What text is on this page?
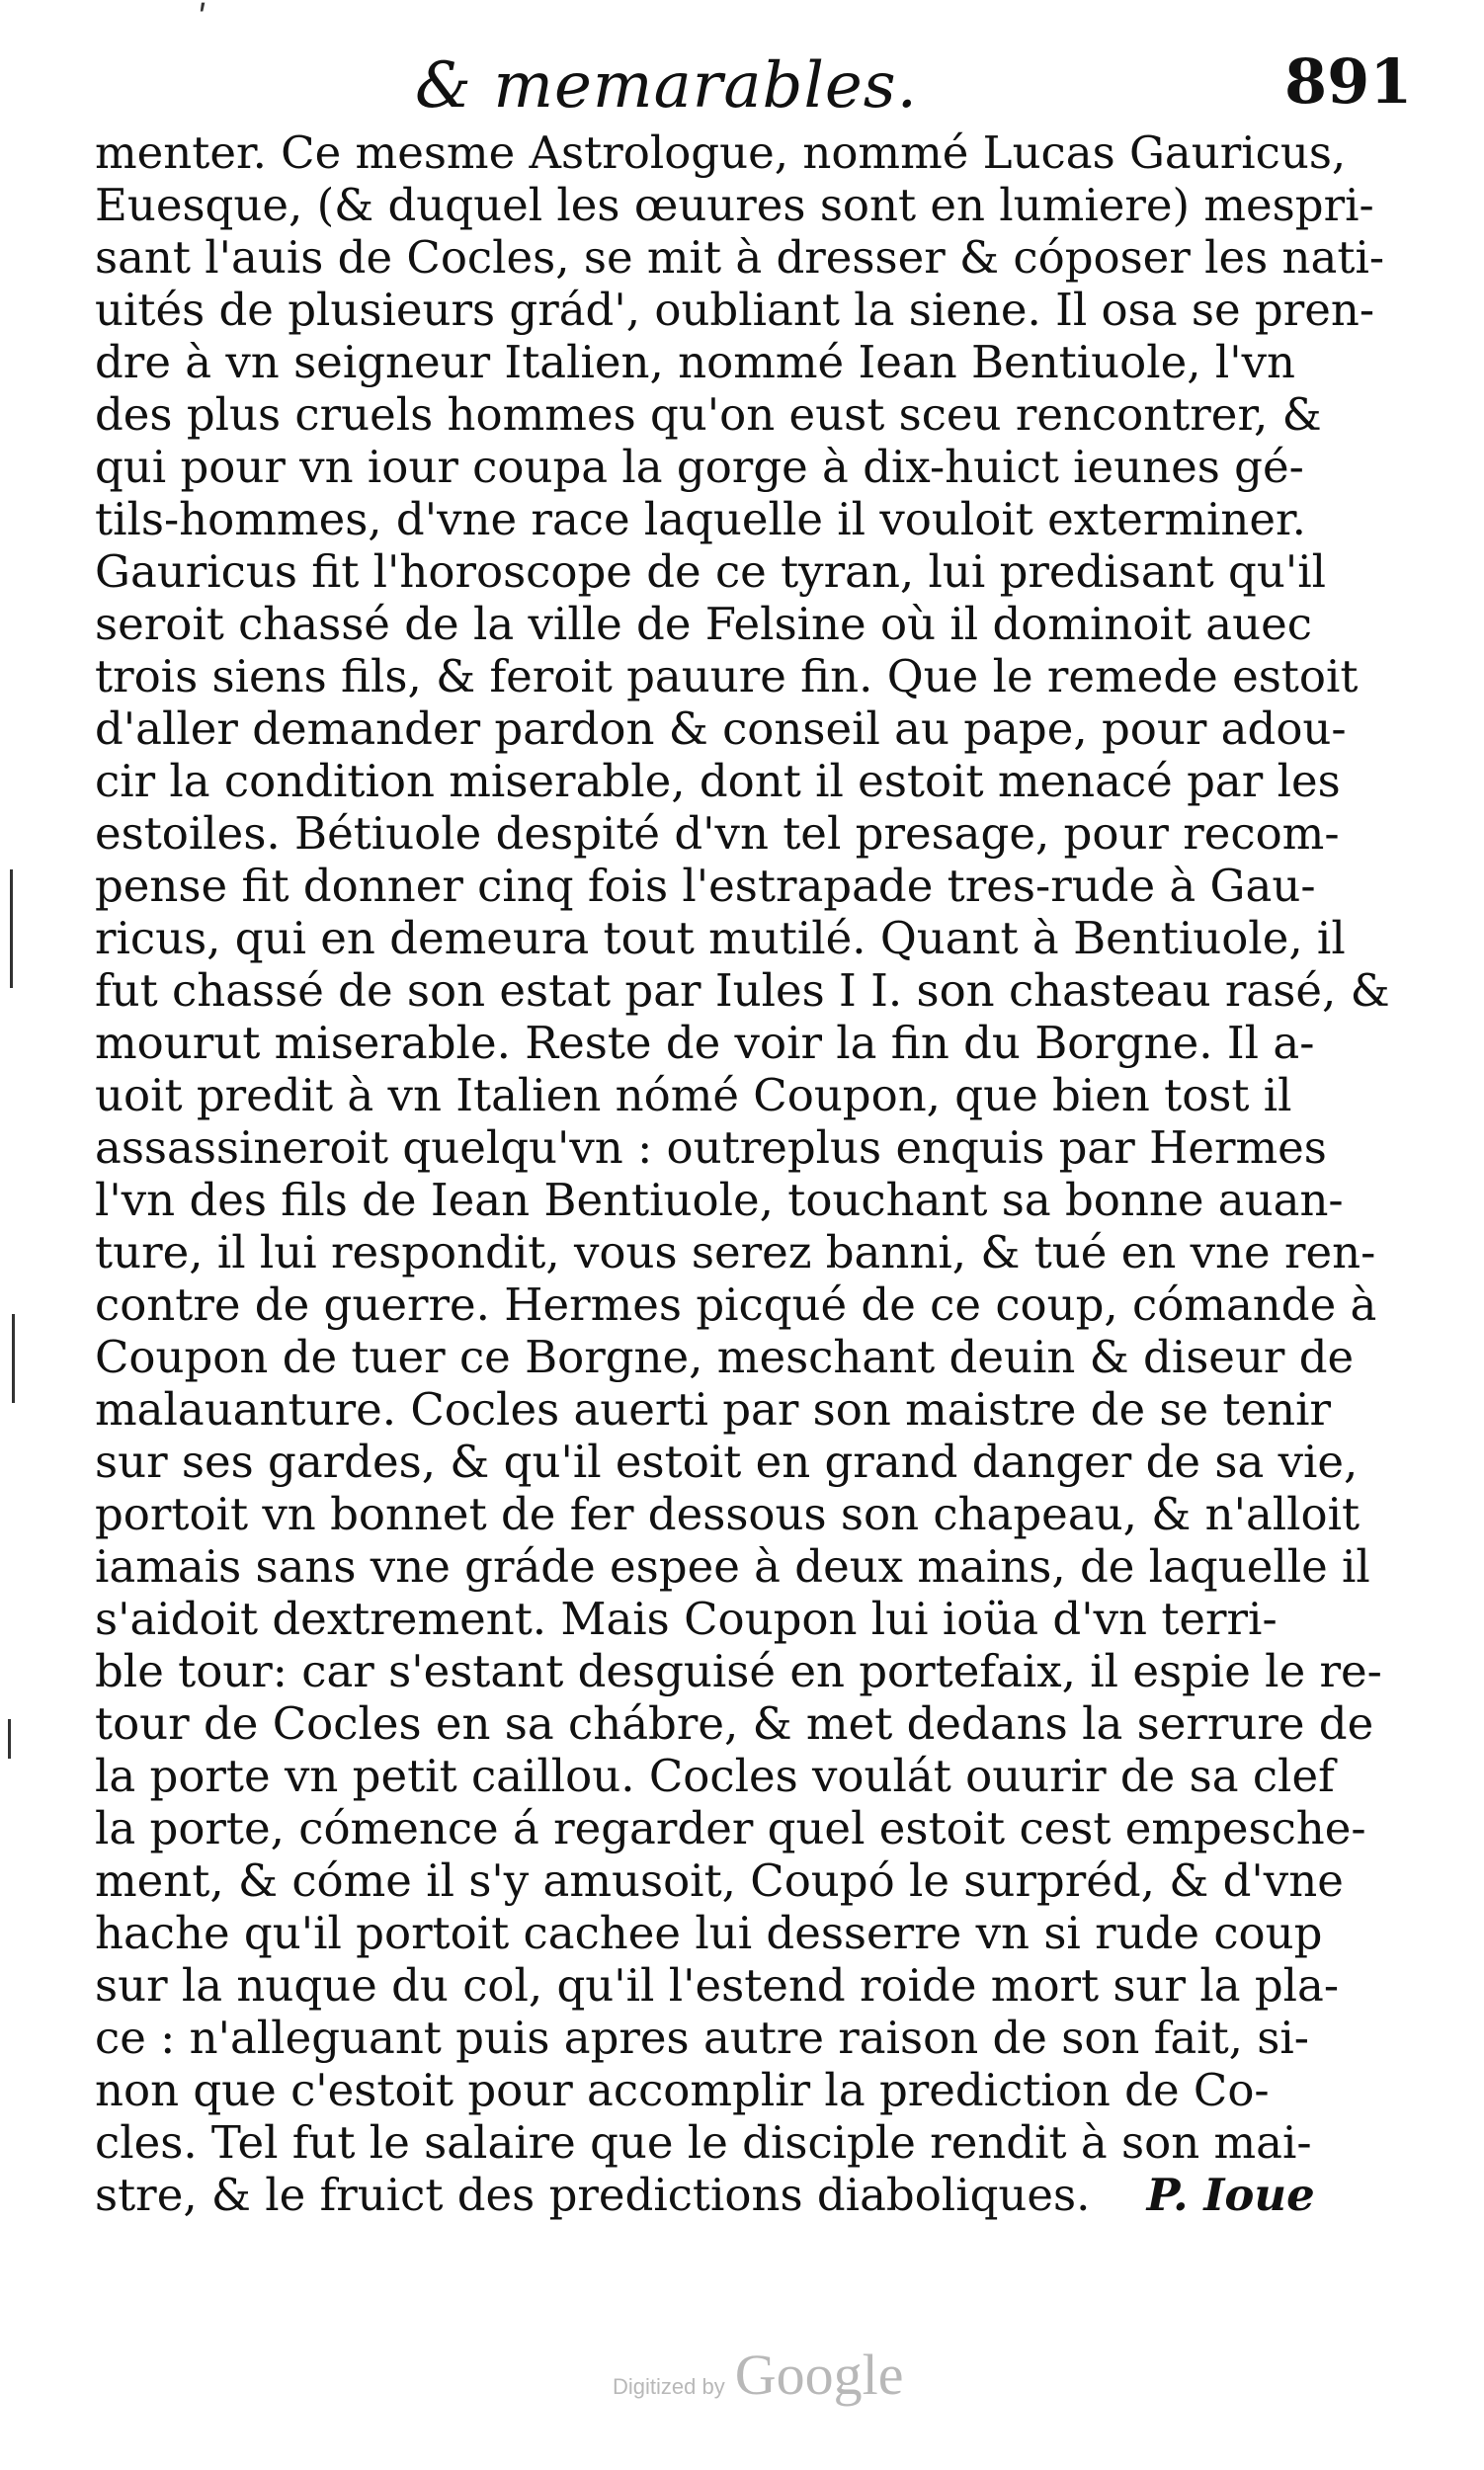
ʹ
& memarables.	891
menter. Ce mesme Astrologue, nommé Lucas Gauricus,
Euesque, (& duquel les œuures sont en lumiere) mespri-
sant l'auis de Cocles, se mit à dresser & cóposer les nati-
uités de plusieurs grád', oubliant la siene. Il osa se pren-
dre à vn seigneur Italien, nommé Iean Bentiuole, l'vn
des plus cruels hommes qu'on eust sceu rencontrer, &
qui pour vn iour coupa la gorge à dix-huict ieunes gé-
tils-hommes, d'vne race laquelle il vouloit exterminer.
Gauricus fit l'horoscope de ce tyran, lui predisant qu'il
seroit chassé de la ville de Felsine où il dominoit auec
trois siens fils, & feroit pauure fin. Que le remede estoit
d'aller demander pardon & conseil au pape, pour adou-
cir la condition miserable, dont il estoit menacé par les
estoiles. Bétiuole despité d'vn tel presage, pour recom-
pense fit donner cinq fois l'estrapade tres-rude à Gau-
ricus, qui en demeura tout mutilé. Quant à Bentiuole, il
fut chassé de son estat par Iules I I. son chasteau rasé, &
mourut miserable. Reste de voir la fin du Borgne. Il a-
uoit predit à vn Italien nómé Coupon, que bien tost il
assassineroit quelqu'vn : outreplus enquis par Hermes
l'vn des fils de Iean Bentiuole, touchant sa bonne auan-
ture, il lui respondit, vous serez banni, & tué en vne ren-
contre de guerre. Hermes picqué de ce coup, cómande à
Coupon de tuer ce Borgne, meschant deuin & diseur de
malauanture. Cocles auerti par son maistre de se tenir
sur ses gardes, & qu'il estoit en grand danger de sa vie,
portoit vn bonnet de fer dessous son chapeau, & n'alloit
iamais sans vne gráde espee à deux mains, de laquelle il
s'aidoit dextrement. Mais Coupon lui ioüa d'vn terri-
ble tour: car s'estant desguisé en portefaix, il espie le re-
tour de Cocles en sa chábre, & met dedans la serrure de
la porte vn petit caillou. Cocles voulát ouurir de sa clef
la porte, cómence á regarder quel estoit cest empesche-
ment, & cóme il s'y amusoit, Coupó le surpréd, & d'vne
hache qu'il portoit cachee lui desserre vn si rude coup
sur la nuque du col, qu'il l'estend roide mort sur la pla-
ce : n'alleguant puis apres autre raison de son fait, si-
non que c'estoit pour accomplir la prediction de Co-
cles. Tel fut le salaire que le disciple rendit à son mai-
stre, & le fruict des predictions diaboliques. P. Ioue
Digitized by Google
